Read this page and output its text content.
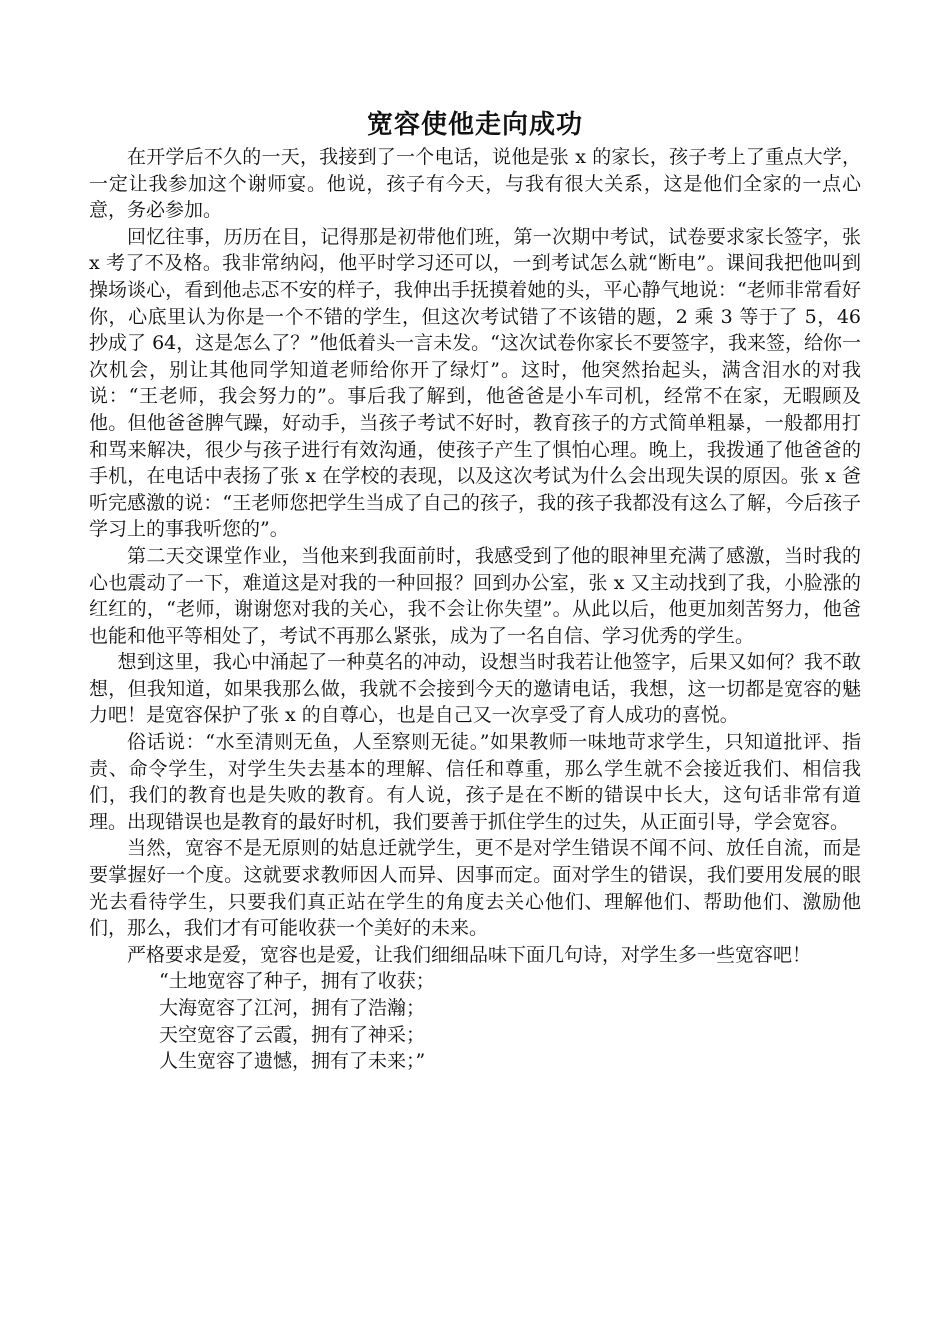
宽容使他走向成功

在开学后不久的一天，我接到了一个电话，说他是张 x 的家长，孩子考上了重点大学，一定让我参加这个谢师宴。他说，孩子有今天，与我有很大关系，这是他们全家的一点心意，务必参加。

回忆往事，历历在目，记得那是初带他们班，第一次期中考试，试卷要求家长签字，张 x 考了不及格。我非常纳闷，他平时学习还可以，一到考试怎么就“断电”。课间我把他叫到操场谈心，看到他忐忑不安的样子，我伸出手抚摸着她的头，平心静气地说：“老师非常看好你，心底里认为你是一个不错的学生，但这次考试错了不该错的题，2 乘 3 等于了 5，46 抄成了 64，这是怎么了？”他低着头一言未发。“这次试卷你家长不要签字，我来签，给你一次机会，别让其他同学知道老师给你开了绿灯”。这时，他突然抬起头，满含泪水的对我说：“王老师，我会努力的”。事后我了解到，他爸爸是小车司机，经常不在家，无暇顾及他。但他爸爸脾气躁，好动手，当孩子考试不好时，教育孩子的方式简单粗暴，一般都用打和骂来解决，很少与孩子进行有效沟通，使孩子产生了惧怕心理。晚上，我拨通了他爸爸的手机，在电话中表扬了张 x 在学校的表现，以及这次考试为什么会出现失误的原因。张 x 爸听完感激的说：“王老师您把学生当成了自己的孩子，我的孩子我都没有这么了解，今后孩子学习上的事我听您的”。

第二天交课堂作业，当他来到我面前时，我感受到了他的眼神里充满了感激，当时我的心也震动了一下，难道这是对我的一种回报？回到办公室，张 x 又主动找到了我，小脸涨的红红的，“老师，谢谢您对我的关心，我不会让你失望”。从此以后，他更加刻苦努力，他爸也能和他平等相处了，考试不再那么紧张，成为了一名自信、学习优秀的学生。

想到这里，我心中涌起了一种莫名的冲动，设想当时我若让他签字，后果又如何？我不敢想，但我知道，如果我那么做，我就不会接到今天的邀请电话，我想，这一切都是宽容的魅力吧！是宽容保护了张 x 的自尊心，也是自己又一次享受了育人成功的喜悦。

俗话说：“水至清则无鱼，人至察则无徒。”如果教师一味地苛求学生，只知道批评、指责、命令学生，对学生失去基本的理解、信任和尊重，那么学生就不会接近我们、相信我们，我们的教育也是失败的教育。有人说，孩子是在不断的错误中长大，这句话非常有道理。出现错误也是教育的最好时机，我们要善于抓住学生的过失，从正面引导，学会宽容。

当然，宽容不是无原则的姑息迁就学生，更不是对学生错误不闻不问、放任自流，而是要掌握好一个度。这就要求教师因人而异、因事而定。面对学生的错误，我们要用发展的眼光去看待学生，只要我们真正站在学生的角度去关心他们、理解他们、帮助他们、激励他们，那么，我们才有可能收获一个美好的未来。

严格要求是爱，宽容也是爱，让我们细细品味下面几句诗，对学生多一些宽容吧！

“土地宽容了种子，拥有了收获；
大海宽容了江河，拥有了浩瀚；
天空宽容了云霞，拥有了神采；
人生宽容了遗憾，拥有了未来；”
